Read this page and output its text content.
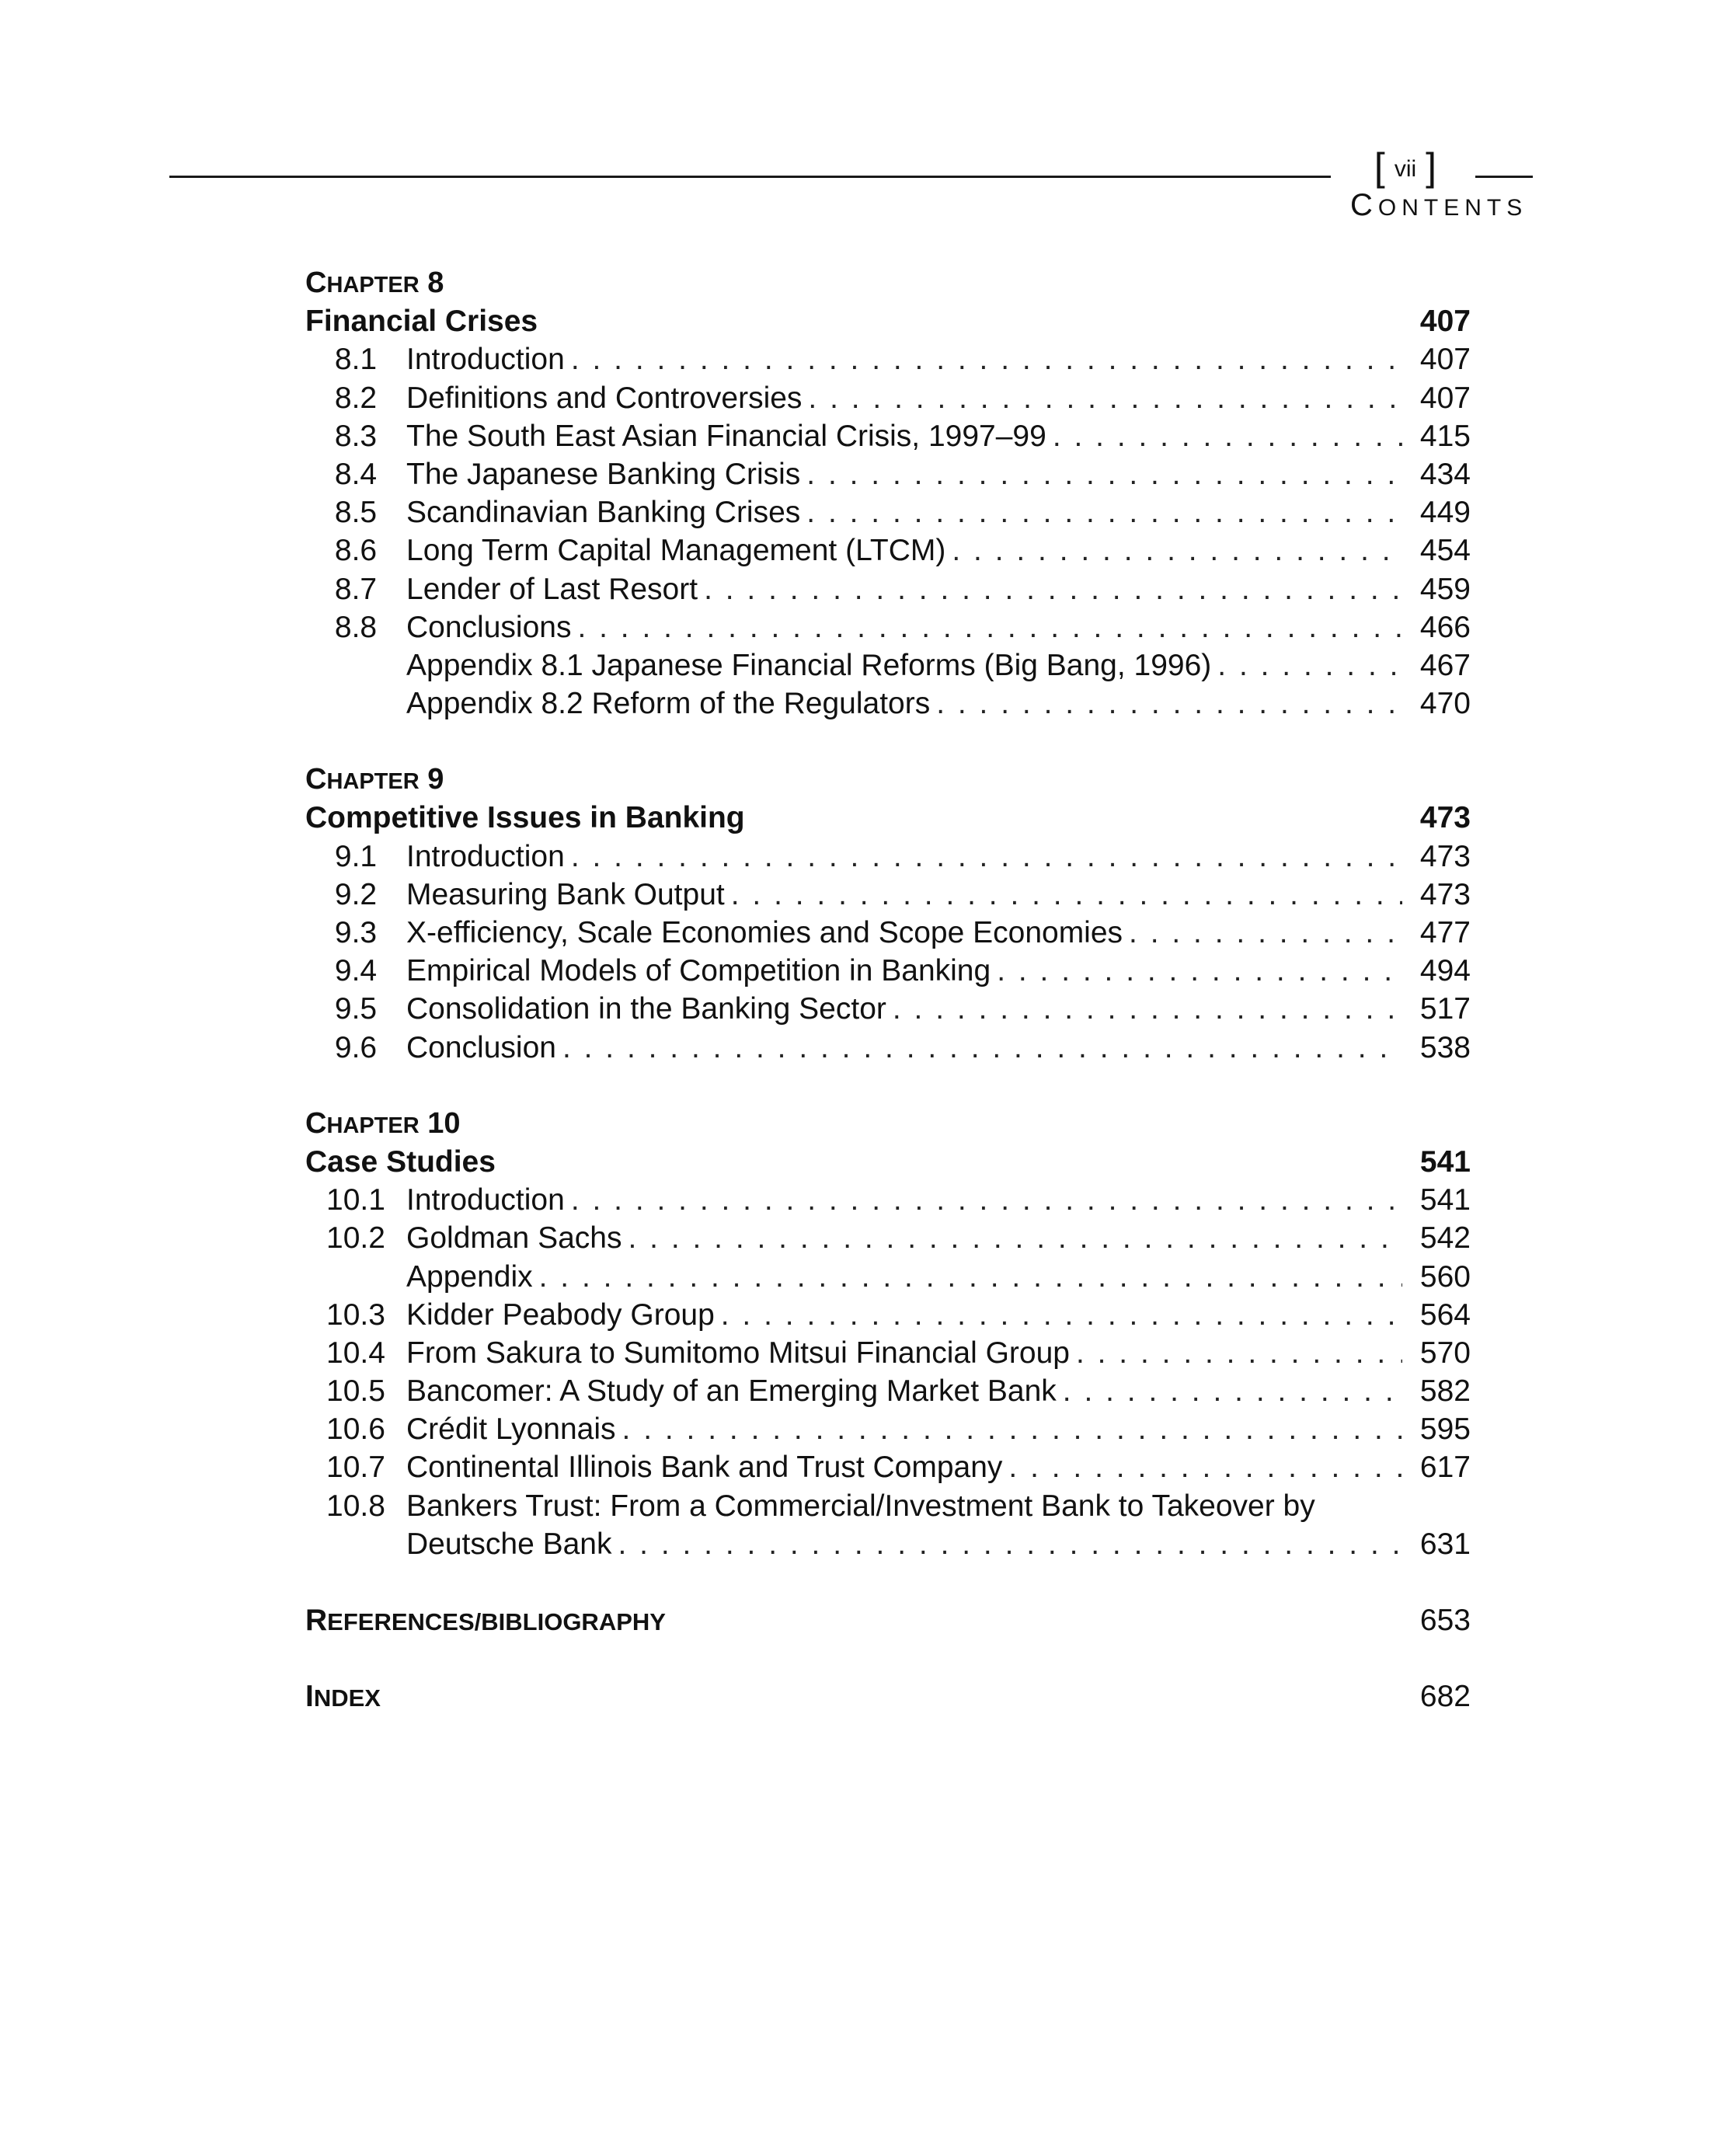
[ vii ]
CONTENTS
C HAPTER
8
Financial Crises	407
8.1 Introduction . . .	407
8.2 Definitions and Controversies . . .	407
8.3 The South East Asian Financial Crisis, 1997–99 . . .	415
8.4 The Japanese Banking Crisis . . .	434
8.5 Scandinavian Banking Crises . . .	449
8.6 Long Term Capital Management (LTCM) . . .	454
8.7 Lender of Last Resort . . .	459
8.8 Conclusions . . .	466
Appendix 8.1 Japanese Financial Reforms (Big Bang, 1996) . . .	467
Appendix 8.2 Reform of the Regulators . . .	470
C HAPTER
9
Competitive Issues in Banking	473
9.1 Introduction . . .	473
9.2 Measuring Bank Output . . .	473
9.3 X-efficiency, Scale Economies and Scope Economies . . .	477
9.4 Empirical Models of Competition in Banking . . .	494
9.5 Consolidation in the Banking Sector . . .	517
9.6 Conclusion . . .	538
C HAPTER
10
Case Studies	541
10.1 Introduction . . .	541
10.2 Goldman Sachs . . .	542
Appendix . . .	560
10.3 Kidder Peabody Group . . .	564
10.4 From Sakura to Sumitomo Mitsui Financial Group . . .	570
10.5 Bancomer: A Study of an Emerging Market Bank . . .	582
10.6 Crédit Lyonnais . . .	595
10.7 Continental Illinois Bank and Trust Company . . .	617
10.8 Bankers Trust: From a Commercial/Investment Bank to Takeover by
Deutsche Bank . . .	631
REFERENCES/BIBLIOGRAPHY	653
INDEX	682
